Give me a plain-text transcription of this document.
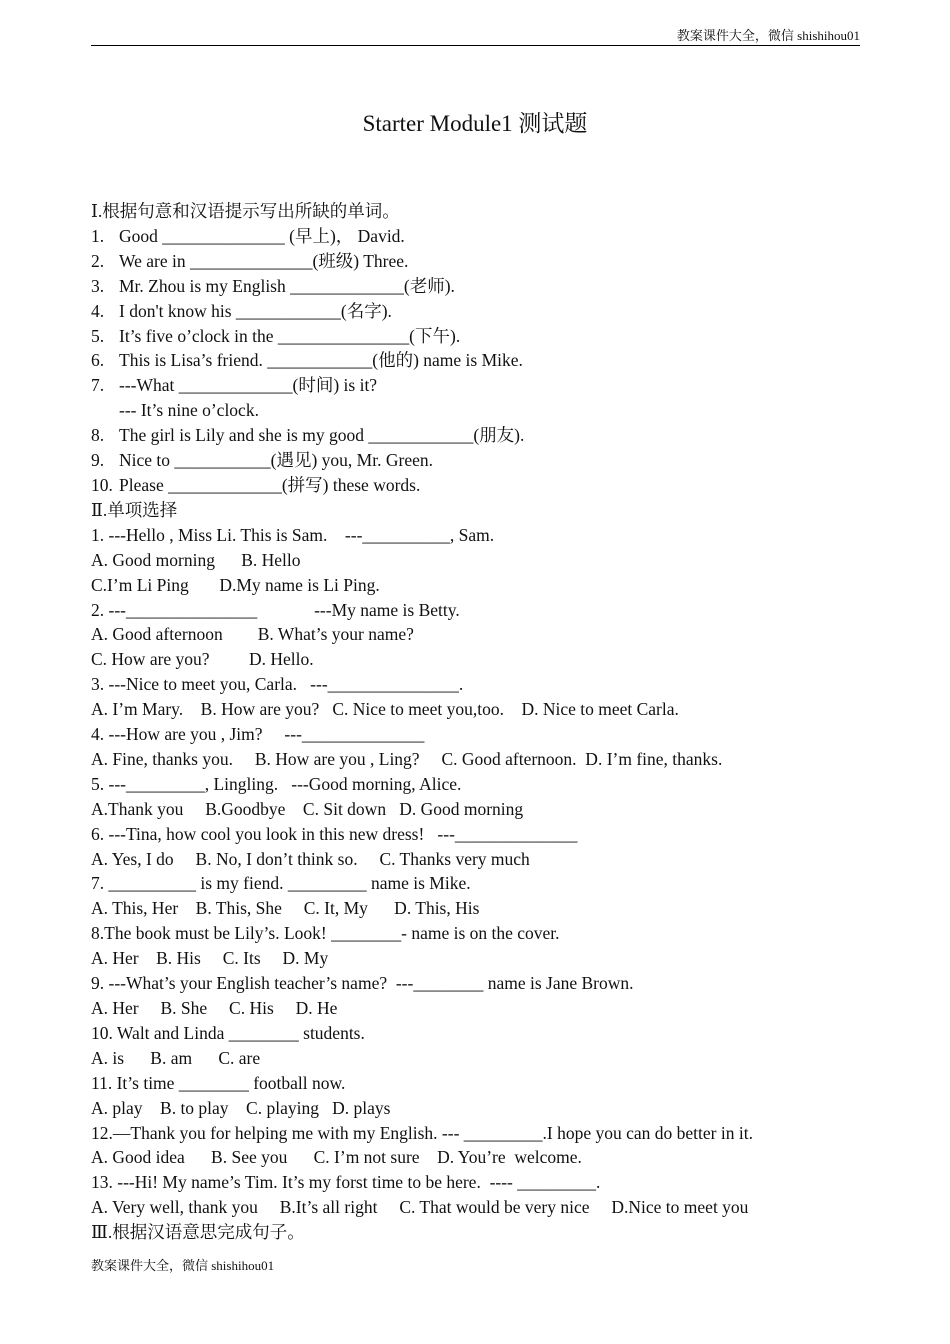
教案课件大全，微信 shishihou01
Starter Module1 测试题
Ⅰ.根据句意和汉语提示写出所缺的单词。
1. Good ______________ (早上)， David.
2. We are in ______________(班级) Three.
3. Mr. Zhou is my English _____________(老师).
4. I don't know his ____________(名字).
5. It’s five o’clock in the _______________(下午).
6. This is Lisa’s friend. ____________(他的) name is Mike.
7. ---What _____________(时间) is it?
--- It’s nine o’clock.
8. The girl is Lily and she is my good ____________(朋友).
9. Nice to ___________(遇见) you, Mr. Green.
10. Please _____________(拼写) these words.
Ⅱ.单项选择
1. ---Hello , Miss Li. This is Sam.    ---__________, Sam.
A. Good morning      B. Hello
C.I’m Li Ping       D.My name is Li Ping.
2. ---_______________             ---My name is Betty.
A. Good afternoon        B. What’s your name?
C. How are you?         D. Hello.
3. ---Nice to meet you, Carla.   ---_______________.
A. I’m Mary.    B. How are you?   C. Nice to meet you,too.    D. Nice to meet Carla.
4. ---How are you , Jim?     ---______________
A. Fine, thanks you.     B. How are you , Ling?     C. Good afternoon.  D. I’m fine, thanks.
5. ---_________, Lingling.   ---Good morning, Alice.
A.Thank you     B.Goodbye    C. Sit down   D. Good morning
6. ---Tina, how cool you look in this new dress!   ---______________
A. Yes, I do     B. No, I don’t think so.     C. Thanks very much
7. __________ is my fiend. _________ name is Mike.
A. This, Her    B. This, She     C. It, My      D. This, His
8.The book must be Lily’s. Look! ________- name is on the cover.
A. Her    B. His     C. Its     D. My
9. ---What’s your English teacher’s name?  ---________ name is Jane Brown.
A. Her     B. She     C. His     D. He
10. Walt and Linda ________ students.
A. is      B. am      C. are
11. It’s time ________ football now.
A. play    B. to play    C. playing   D. plays
12.—Thank you for helping me with my English. --- _________.I hope you can do better in it.
A. Good idea      B. See you      C. I’m not sure    D. You’re  welcome.
13. ---Hi! My name’s Tim. It’s my forst time to be here.  ---- _________.
A. Very well, thank you     B.It’s all right     C. That would be very nice     D.Nice to meet you
Ⅲ.根据汉语意思完成句子。
教案课件大全，微信 shishihou01
